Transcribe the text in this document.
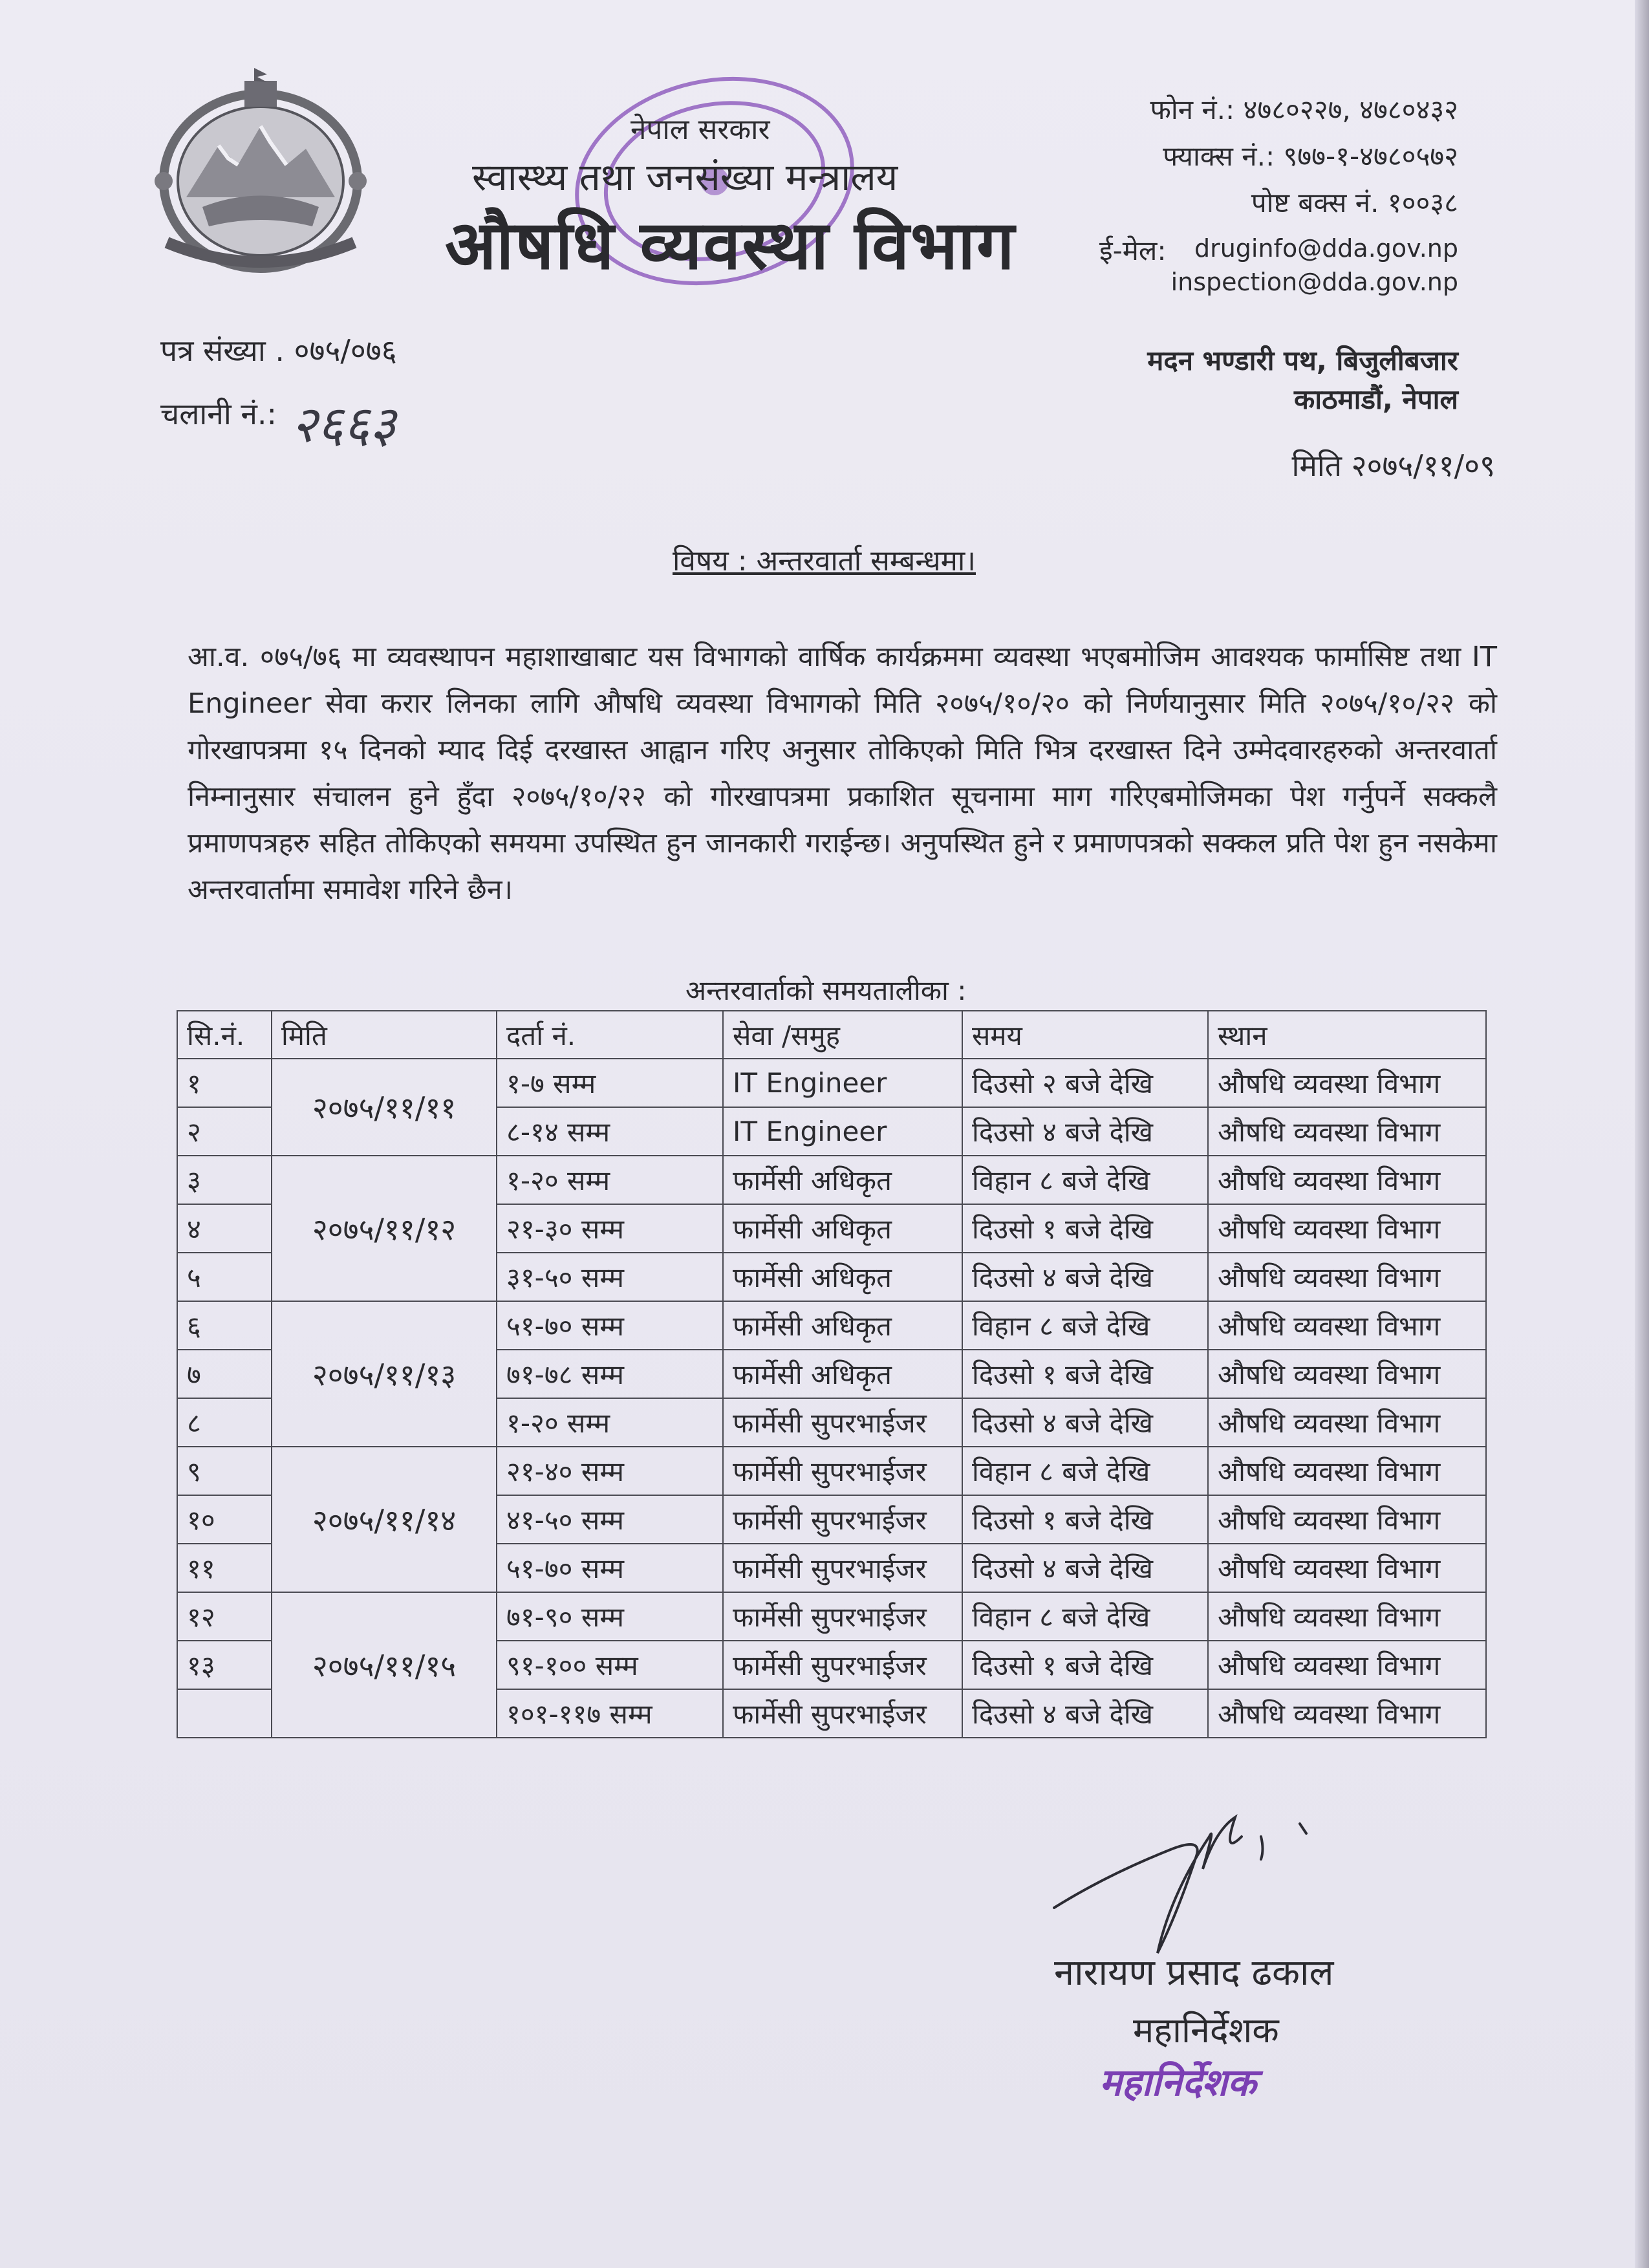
नेपाल सरकार
स्वास्थ्य तथा जनसंख्या मन्त्रालय
औषधि व्यवस्था विभाग
फोन नं.: ४७८०२२७, ४७८०४३२
फ्याक्स नं.: ९७७-१-४७८०५७२
पोष्ट बक्स नं. १००३८
ई-मेल: druginfo@dda.gov.np
inspection@dda.gov.np
मदन भण्डारी पथ, बिजुलीबजार
काठमाडौं, नेपाल
पत्र संख्या . ०७५/०७६
चलानी नं.: २६६३
मिति २०७५/११/०९
विषय : अन्तरवार्ता सम्बन्धमा।
आ.व. ०७५/७६ मा व्यवस्थापन महाशाखाबाट यस विभागको वार्षिक कार्यक्रममा व्यवस्था भएबमोजिम आवश्यक फार्मासिष्ट तथा IT Engineer सेवा करार लिनका लागि औषधि व्यवस्था विभागको मिति २०७५/१०/२० को निर्णयानुसार मिति २०७५/१०/२२ को गोरखापत्रमा १५ दिनको म्याद दिई दरखास्त आह्वान गरिए अनुसार तोकिएको मिति भित्र दरखास्त दिने उम्मेदवारहरुको अन्तरवार्ता निम्नानुसार संचालन हुने हुँदा २०७५/१०/२२ को गोरखापत्रमा प्रकाशित सूचनामा माग गरिएबमोजिमका पेश गर्नुपर्ने सक्कलै प्रमाणपत्रहरु सहित तोकिएको समयमा उपस्थित हुन जानकारी गराईन्छ। अनुपस्थित हुने र प्रमाणपत्रको सक्कल प्रति पेश हुन नसकेमा अन्तरवार्तामा समावेश गरिने छैन।
अन्तरवार्ताको समयतालीका :
सि.नं.	मिति	दर्ता नं.	सेवा /समुह	समय	स्थान
१	२०७५/११/११	१-७ सम्म	IT Engineer	दिउसो २ बजे देखि	औषधि व्यवस्था विभाग
२		८-१४ सम्म	IT Engineer	दिउसो ४ बजे देखि	औषधि व्यवस्था विभाग
३	२०७५/११/१२	१-२० सम्म	फार्मेसी अधिकृत	विहान ८ बजे देखि	औषधि व्यवस्था विभाग
४		२१-३० सम्म	फार्मेसी अधिकृत	दिउसो १ बजे देखि	औषधि व्यवस्था विभाग
५		३१-५० सम्म	फार्मेसी अधिकृत	दिउसो ४ बजे देखि	औषधि व्यवस्था विभाग
६	२०७५/११/१३	५१-७० सम्म	फार्मेसी अधिकृत	विहान ८ बजे देखि	औषधि व्यवस्था विभाग
७		७१-७८ सम्म	फार्मेसी अधिकृत	दिउसो १ बजे देखि	औषधि व्यवस्था विभाग
८		१-२० सम्म	फार्मेसी सुपरभाईजर	दिउसो ४ बजे देखि	औषधि व्यवस्था विभाग
९	२०७५/११/१४	२१-४० सम्म	फार्मेसी सुपरभाईजर	विहान ८ बजे देखि	औषधि व्यवस्था विभाग
१०		४१-५० सम्म	फार्मेसी सुपरभाईजर	दिउसो १ बजे देखि	औषधि व्यवस्था विभाग
११		५१-७० सम्म	फार्मेसी सुपरभाईजर	दिउसो ४ बजे देखि	औषधि व्यवस्था विभाग
१२	२०७५/११/१५	७१-९० सम्म	फार्मेसी सुपरभाईजर	विहान ८ बजे देखि	औषधि व्यवस्था विभाग
१३		९१-१०० सम्म	फार्मेसी सुपरभाईजर	दिउसो १ बजे देखि	औषधि व्यवस्था विभाग
		१०१-११७ सम्म	फार्मेसी सुपरभाईजर	दिउसो ४ बजे देखि	औषधि व्यवस्था विभाग
नारायण प्रसाद ढकाल
महानिर्देशक
महानिर्देशक
